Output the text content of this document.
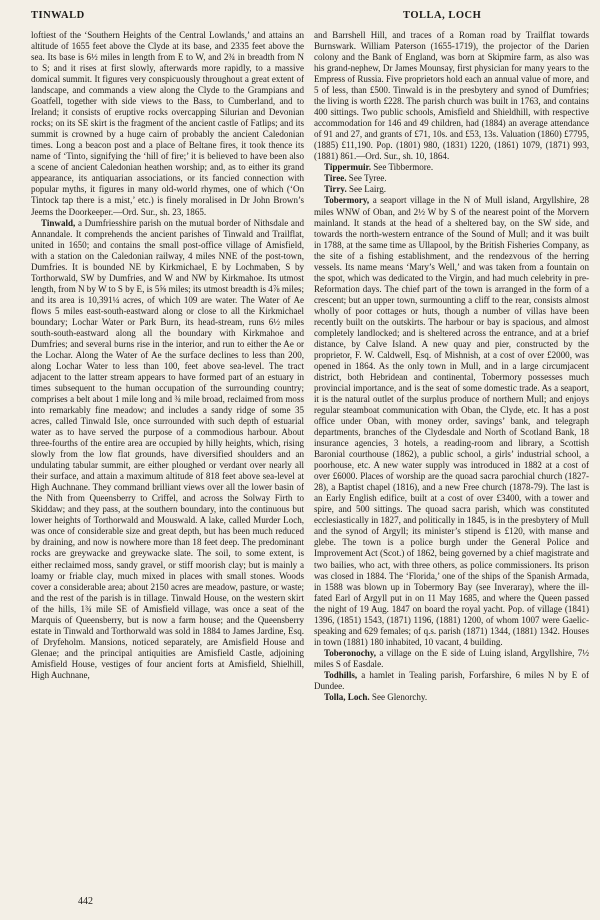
TINWALD	TOLLA, LOCH

loftiest of the ‘Southern Heights of the Central Lowlands,’ and attains an altitude of 1655 feet above the Clyde at its base, and 2335 feet above the sea. Its base is 6½ miles in length from E to W, and 2¾ in breadth from N to S; and it rises at first slowly, afterwards more rapidly, to a massive domical summit. It figures very conspicuously throughout a great extent of landscape, and commands a view along the Clyde to the Grampians and Goatfell, together with side views to the Bass, to Cumberland, and to Ireland; it consists of eruptive rocks overcapping Silurian and Devonian rocks; on its SE skirt is the fragment of the ancient castle of Fatlips; and its summit is crowned by a huge cairn of probably the ancient Caledonian times. Long a beacon post and a place of Beltane fires, it took thence its name of ‘Tinto, signifying the ‘hill of fire;’ it is believed to have been also a scene of ancient Caledonian heathen worship; and, as to either its grand appearance, its antiquarian associations, or its fancied connection with popular myths, it figures in many old-world rhymes, one of which (‘On Tintock tap there is a mist,’ etc.) is finely moralised in Dr John Brown’s Jeems the Doorkeeper.—Ord. Sur., sh. 23, 1865.

Tinwald, a Dumfriesshire parish on the mutual border of Nithsdale and Annandale. It comprehends the ancient parishes of Tinwald and Trailflat, united in 1650; and contains the small post-office village of Amisfield, with a station on the Caledonian railway, 4 miles NNE of the post-town, Dumfries. It is bounded NE by Kirkmichael, E by Lochmaben, S by Torthorwald, SW by Dumfries, and W and NW by Kirkmahoe. Its utmost length, from N by W to S by E, is 5⅝ miles; its utmost breadth is 4⅞ miles; and its area is 10,391¼ acres, of which 109 are water. The Water of Ae flows 5 miles east-south-eastward along or close to all the Kirkmichael boundary; Lochar Water or Park Burn, its head-stream, runs 6½ miles south-south-eastward along all the boundary with Kirkmahoe and Dumfries; and several burns rise in the interior, and run to either the Ae or the Lochar. Along the Water of Ae the surface declines to less than 200, along Lochar Water to less than 100, feet above sea-level. The tract adjacent to the latter stream appears to have formed part of an estuary in times subsequent to the human occupation of the surrounding country; comprises a belt about 1 mile long and ¾ mile broad, reclaimed from moss into remarkably fine meadow; and includes a sandy ridge of some 35 acres, called Tinwald Isle, once surrounded with such depth of estuarial water as to have served the purpose of a commodious harbour. About three-fourths of the entire area are occupied by hilly heights, which, rising slowly from the low flat grounds, have diversified shoulders and an undulating tabular summit, are either ploughed or verdant over nearly all their surface, and attain a maximum altitude of 818 feet above sea-level at High Auchnane. They command brilliant views over all the lower basin of the Nith from Queensberry to Criffel, and across the Solway Firth to Skiddaw; and they pass, at the southern boundary, into the continuous but lower heights of Torthorwald and Mouswald. A lake, called Murder Loch, was once of considerable size and great depth, but has been much reduced by draining, and now is nowhere more than 18 feet deep. The predominant rocks are greywacke and greywacke slate. The soil, to some extent, is either reclaimed moss, sandy gravel, or stiff moorish clay; but is mainly a loamy or friable clay, much mixed in places with small stones. Woods cover a considerable area; about 2150 acres are meadow, pasture, or waste; and the rest of the parish is in tillage. Tinwald House, on the western skirt of the hills, 1¾ mile SE of Amisfield village, was once a seat of the Marquis of Queensberry, but is now a farm house; and the Queensberry estate in Tinwald and Torthorwald was sold in 1884 to James Jardine, Esq. of Dryfeholm. Mansions, noticed separately, are Amisfield House and Glenae; and the principal antiquities are Amisfield Castle, adjoining Amisfield House, vestiges of four ancient forts at Amisfield, Shielhill, High Auchnane,

and Barrshell Hill, and traces of a Roman road by Trailflat towards Burnswark. William Paterson (1655-1719), the projector of the Darien colony and the Bank of England, was born at Skipmire farm, as also was his grand-nephew, Dr James Mounsay, first physician for many years to the Empress of Russia. Five proprietors hold each an annual value of more, and 5 of less, than £500. Tinwald is in the presbytery and synod of Dumfries; the living is worth £228. The parish church was built in 1763, and contains 400 sittings. Two public schools, Amisfield and Shieldhill, with respective accommodation for 146 and 49 children, had (1884) an average attendance of 91 and 27, and grants of £71, 10s. and £53, 13s. Valuation (1860) £7795, (1885) £11,190. Pop. (1801) 980, (1831) 1220, (1861) 1079, (1871) 993, (1881) 861.—Ord. Sur., sh. 10, 1864.

Tippermuir. See Tibbermore.

Tiree. See Tyree.

Tirry. See Lairg.

Tobermory, a seaport village in the N of Mull island, Argyllshire, 28 miles WNW of Oban, and 2½ W by S of the nearest point of the Morvern mainland. It stands at the head of a sheltered bay, on the SW side, and towards the north-western entrance of the Sound of Mull; and it was built in 1788, at the same time as Ullapool, by the British Fisheries Company, as the site of a fishing establishment, and the rendezvous of the herring vessels. Its name means ‘Mary’s Well,’ and was taken from a fountain on the spot, which was dedicated to the Virgin, and had much celebrity in pre-Reformation days. The chief part of the town is arranged in the form of a crescent; but an upper town, surmounting a cliff to the rear, consists almost wholly of poor cottages or huts, though a number of villas have been recently built on the outskirts. The harbour or bay is spacious, and almost completely landlocked; and is sheltered across the entrance, and at a brief distance, by Calve Island. A new quay and pier, constructed by the proprietor, F. W. Caldwell, Esq. of Mishnish, at a cost of over £2000, was opened in 1864. As the only town in Mull, and in a large circumjacent district, both Hebridean and continental, Tobermory possesses much provincial importance, and is the seat of some domestic trade. As a seaport, it is the natural outlet of the surplus produce of northern Mull; and enjoys regular steamboat communication with Oban, the Clyde, etc. It has a post office under Oban, with money order, savings’ bank, and telegraph departments, branches of the Clydesdale and North of Scotland Bank, 18 insurance agencies, 3 hotels, a reading-room and library, a Scottish Baronial courthouse (1862), a public school, a girls’ industrial school, a poorhouse, etc. A new water supply was introduced in 1882 at a cost of over £6000. Places of worship are the quoad sacra parochial church (1827-28), a Baptist chapel (1816), and a new Free church (1878-79). The last is an Early English edifice, built at a cost of over £3400, with a tower and spire, and 500 sittings. The quoad sacra parish, which was constituted ecclesiastically in 1827, and politically in 1845, is in the presbytery of Mull and the synod of Argyll; its minister’s stipend is £120, with manse and glebe. The town is a police burgh under the General Police and Improvement Act (Scot.) of 1862, being governed by a chief magistrate and two bailies, who act, with three others, as police commissioners. Its prison was closed in 1884. The ‘Florida,’ one of the ships of the Spanish Armada, in 1588 was blown up in Tobermory Bay (see Inveraray), where the ill-fated Earl of Argyll put in on 11 May 1685, and where the Queen passed the night of 19 Aug. 1847 on board the royal yacht. Pop. of village (1841) 1396, (1851) 1543, (1871) 1196, (1881) 1200, of whom 1007 were Gaelic-speaking and 629 females; of q.s. parish (1871) 1344, (1881) 1342. Houses in town (1881) 180 inhabited, 10 vacant, 4 building.

Toberonochy, a village on the E side of Luing island, Argyllshire, 7½ miles S of Easdale.

Todhills, a hamlet in Tealing parish, Forfarshire, 6 miles N by E of Dundee.

Tolla, Loch. See Glenorchy.

442
